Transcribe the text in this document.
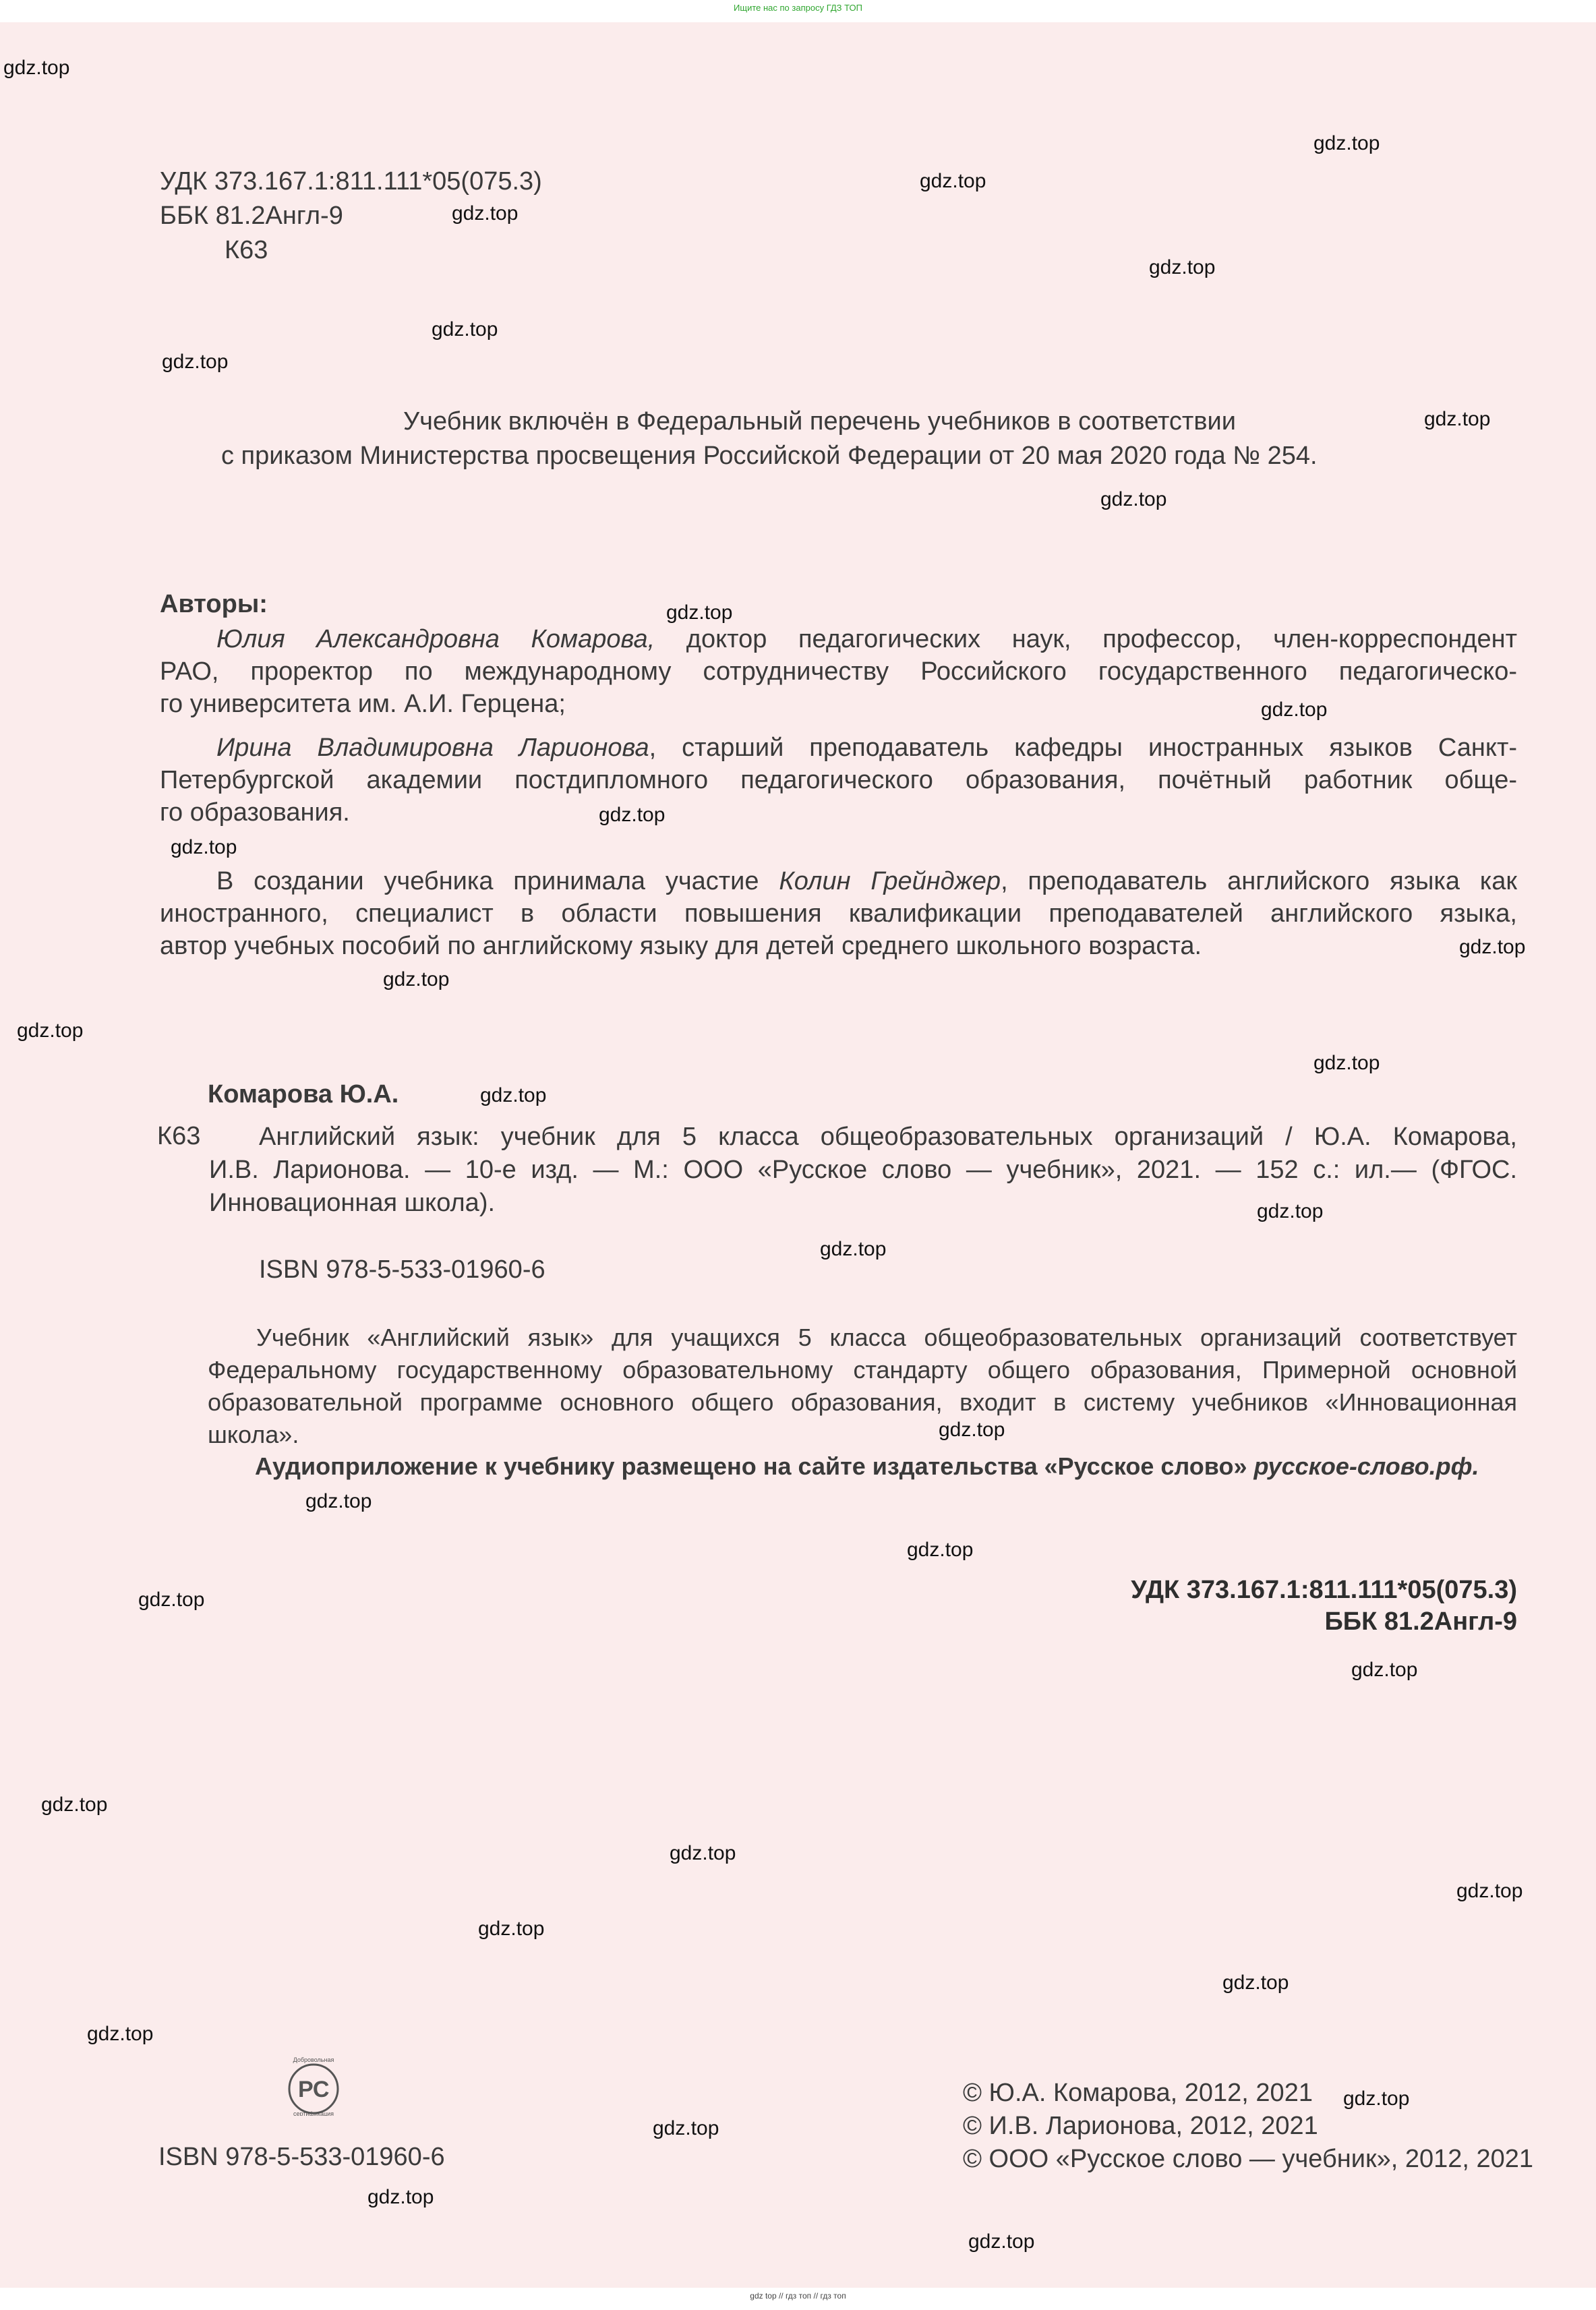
Ищите нас по запросу ГДЗ ТОП
УДК 373.167.1:811.111*05(075.3)
ББК 81.2Англ-9
К63
Учебник включён в Федеральный перечень учебников в соответствии
с приказом Министерства просвещения Российской Федерации от 20 мая 2020 года № 254.
Авторы:
Юлия Александровна Комарова, доктор педагогических наук, профессор, член-корреспондент
РАО, проректор по международному сотрудничеству Российского государственного педагогическо-
го университета им. А.И. Герцена;
Ирина Владимировна Ларионова, старший преподаватель кафедры иностранных языков Санкт-
Петербургской академии постдипломного педагогического образования, почётный работник обще-
го образования.
В создании учебника принимала участие Колин Грейнджер, преподаватель английского языка как
иностранного, специалист в области повышения квалификации преподавателей английского языка,
автор учебных пособий по английскому языку для детей среднего школьного возраста.
Комарова Ю.А.
К63	Английский язык: учебник для 5 класса общеобразовательных организаций / Ю.А. Комарова,
И.В. Ларионова. — 10-е изд. — М.: ООО «Русское слово — учебник», 2021. — 152 с.: ил.— (ФГОС.
Инновационная школа).
ISBN 978-5-533-01960-6
Учебник «Английский язык» для учащихся 5 класса общеобразовательных организаций соответствует
Федеральному государственному образовательному стандарту общего образования, Примерной основной
образовательной программе основного общего образования, входит в систему учебников «Инновационная
школа».
Аудиоприложение к учебнику размещено на сайте издательства «Русское слово» русское-слово.рф.
УДК 373.167.1:811.111*05(075.3)
ББК 81.2Англ-9
РС
Добровольная
сертификация
ISBN 978-5-533-01960-6
© Ю.А. Комарова, 2012, 2021
© И.В. Ларионова, 2012, 2021
© ООО «Русское слово — учебник», 2012, 2021
gdz.top
gdz.top
gdz.top
gdz.top
gdz.top
gdz.top
gdz.top
gdz.top
gdz.top
gdz.top
gdz.top
gdz.top
gdz.top
gdz.top
gdz.top
gdz.top
gdz.top
gdz.top
gdz.top
gdz.top
gdz.top
gdz.top
gdz.top
gdz.top
gdz.top
gdz.top
gdz.top
gdz.top
gdz.top
gdz.top
gdz.top
gdz.top
gdz.top
gdz.top
gdz.top
gdz top // гдз топ // гдз топ
